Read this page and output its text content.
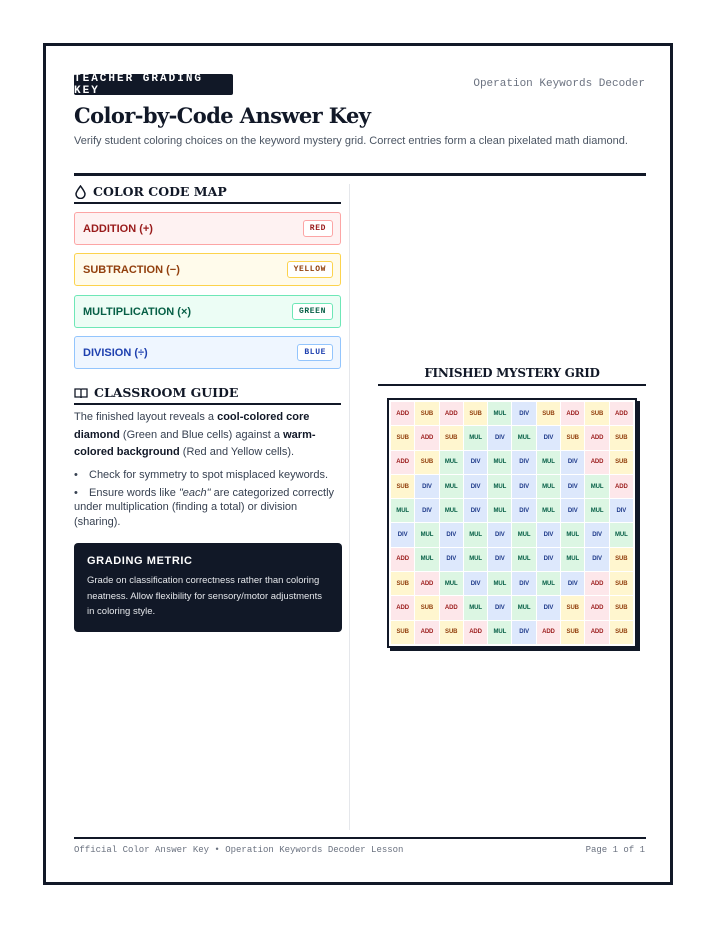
TEACHER GRADING KEY
Operation Keywords Decoder
Color-by-Code Answer Key
Verify student coloring choices on the keyword mystery grid. Correct entries form a clean pixelated math diamond.
COLOR CODE MAP
ADDITION (+)	RED
SUBTRACTION (−)	YELLOW
MULTIPLICATION (×)	GREEN
DIVISION (÷)	BLUE
CLASSROOM GUIDE
The finished layout reveals a cool-colored core diamond (Green and Blue cells) against a warm-colored background (Red and Yellow cells).
• Check for symmetry to spot misplaced keywords.
• Ensure words like "each" are categorized correctly under multiplication (finding a total) or division (sharing).
GRADING METRIC
Grade on classification correctness rather than coloring neatness. Allow flexibility for sensory/motor adjustments in coloring style.
FINISHED MYSTERY GRID
ADD	SUB	ADD	SUB	MUL	DIV	SUB	ADD	SUB	ADD
SUB	ADD	SUB	MUL	DIV	MUL	DIV	SUB	ADD	SUB
ADD	SUB	MUL	DIV	MUL	DIV	MUL	DIV	ADD	SUB
SUB	DIV	MUL	DIV	MUL	DIV	MUL	DIV	MUL	ADD
MUL	DIV	MUL	DIV	MUL	DIV	MUL	DIV	MUL	DIV
DIV	MUL	DIV	MUL	DIV	MUL	DIV	MUL	DIV	MUL
ADD	MUL	DIV	MUL	DIV	MUL	DIV	MUL	DIV	SUB
SUB	ADD	MUL	DIV	MUL	DIV	MUL	DIV	ADD	SUB
ADD	SUB	ADD	MUL	DIV	MUL	DIV	SUB	ADD	SUB
SUB	ADD	SUB	ADD	MUL	DIV	ADD	SUB	ADD	SUB
Official Color Answer Key • Operation Keywords Decoder Lesson	Page 1 of 1
